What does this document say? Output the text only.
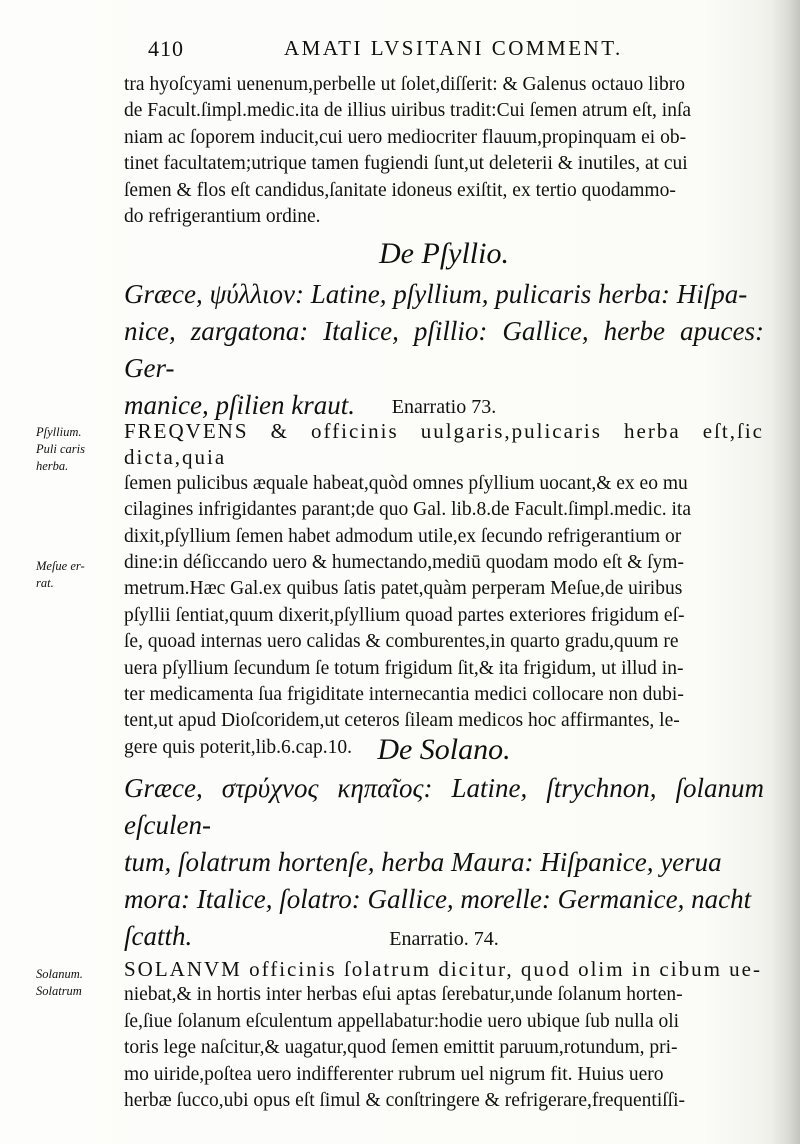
410	AMATI LVSITANI COMMENT.

tra hyoſcyami uenenum,perbelle ut ſolet,diſſerit: & Galenus octauo libro

de Facult.ſimpl.medic.ita de illius uiribus tradit:Cui ſemen atrum eſt, inſa

niam ac ſoporem inducit,cui uero mediocriter flauum,propinquam ei ob-

tinet facultatem;utrique tamen fugiendi ſunt,ut deleterii & inutiles, at cui

ſemen & flos eſt candidus,ſanitate idoneus exiſtit, ex tertio quodammo-

do refrigerantium ordine.

De Pſyllio.
Græce, ψύλλιον: Latine, pſyllium, pulicaris herba: Hiſpa-
nice, zargatona: Italice, pſillio: Gallice, herbe apuces: Ger-
manice, pſilien kraut.	Enarratio 73.
Pſyllium.
Puli caris
herba.
Meſue er-
rat.

FREQVENS & officinis uulgaris,pulicaris herba eſt,ſic dicta,quia

ſemen pulicibus æquale habeat,quòd omnes pſyllium uocant,& ex eo mu

cilagines infrigidantes parant;de quo Gal. lib.8.de Facult.ſimpl.medic. ita

dixit,pſyllium ſemen habet admodum utile,ex ſecundo refrigerantium or

dine:in déſiccando uero & humectando,mediū quodam modo eſt & ſym-

metrum.Hæc Gal.ex quibus ſatis patet,quàm perperam Meſue,de uiribus

pſyllii ſentiat,quum dixerit,pſyllium quoad partes exteriores frigidum eſ-

ſe, quoad internas uero calidas & comburentes,in quarto gradu,quum re

uera pſyllium ſecundum ſe totum frigidum ſit,& ita frigidum, ut illud in-

ter medicamenta ſua frigiditate internecantia medici collocare non dubi-

tent,ut apud Dioſcoridem,ut ceteros ſileam medicos hoc affirmantes, le-

gere quis poterit,lib.6.cap.10. De Solano.
Græce, στρύχνος κηπαῖος: Latine, ſtrychnon, ſolanum eſculen-
tum, ſolatrum hortenſe, herba Maura: Hiſpanice, yerua
mora: Italice, ſolatro: Gallice, morelle: Germanice, nacht
ſcatth.	Enarratio. 74.
Solanum.
Solatrum

SOLANVM officinis ſolatrum dicitur, quod olim in cibum ue-

niebat,& in hortis inter herbas eſui aptas ſerebatur,unde ſolanum horten-

ſe,ſiue ſolanum eſculentum appellabatur:hodie uero ubique ſub nulla oli

toris lege naſcitur,& uagatur,quod ſemen emittit paruum,rotundum, pri-

mo uiride,poſtea uero indifferenter rubrum uel nigrum fit. Huius uero

herbæ ſucco,ubi opus eſt ſimul & conſtringere & refrigerare,frequentiſſi-
